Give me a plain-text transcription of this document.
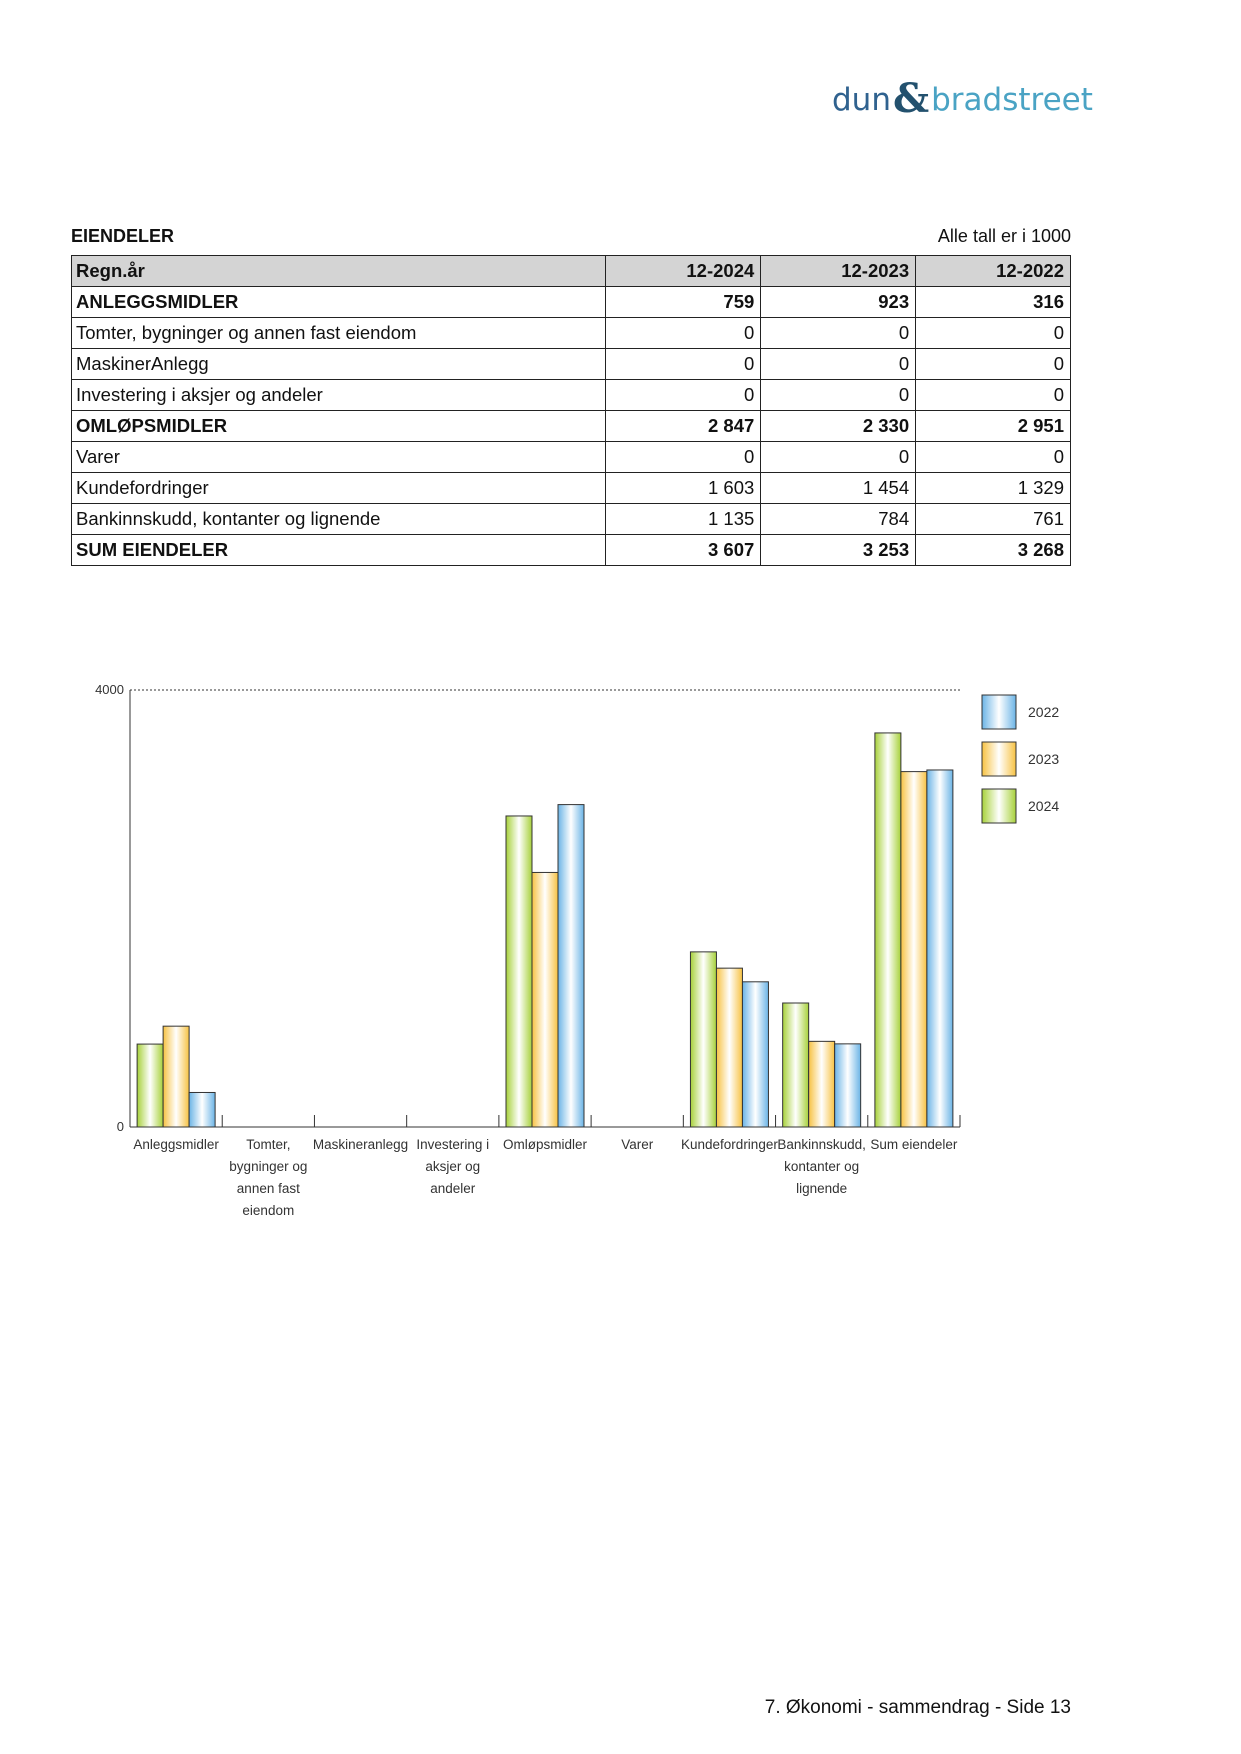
dun & bradstreet
EIENDELER	Alle tall er i 1000
Regn.år	12-2024	12-2023	12-2022
ANLEGGSMIDLER	759	923	316
Tomter, bygninger og annen fast eiendom	0	0	0
MaskinerAnlegg	0	0	0
Investering i aksjer og andeler	0	0	0
OMLØPSMIDLER	2 847	2 330	2 951
Varer	0	0	0
Kundefordringer	1 603	1 454	1 329
Bankinnskudd, kontanter og lignende	1 135	784	761
SUM EIENDELER	3 607	3 253	3 268
4000
0
Anleggsmidler Tomter,
bygninger og
annen fast
eiendom
Maskineranlegg Investering i
aksjer og
andeler
Omløpsmidler	Varer Kundefordringer Bankinnskudd,
kontanter og
lignende
Sum eiendeler
2022
2023
2024
7. Økonomi - sammendrag - Side 13
